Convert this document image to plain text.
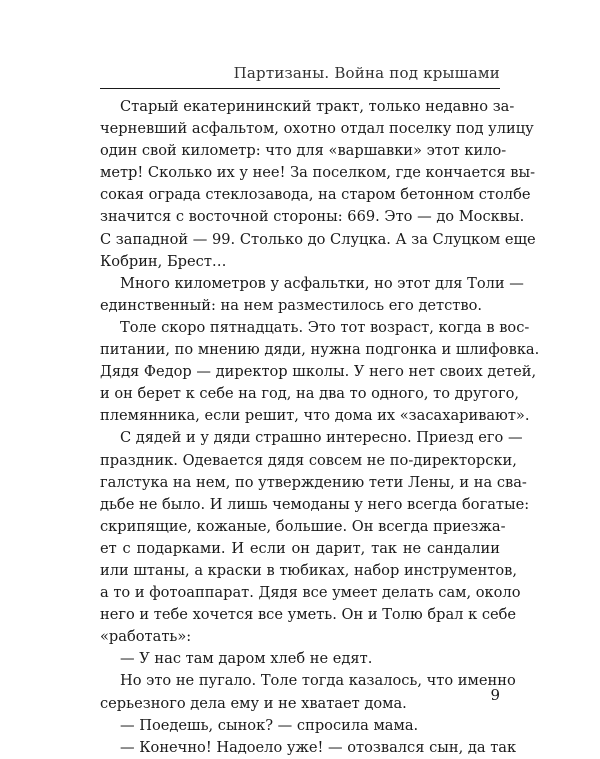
Партизаны. Война под крышами
Старый екатерининский тракт, только недавно за-
черневший асфальтом, охотно отдал поселку под улицу
один свой километр: что для «варшавки» этот кило-
метр! Сколько их у нее! За поселком, где кончается вы-
сокая ограда стеклозавода, на старом бетонном столбе
значится с восточной стороны: 669. Это — до Москвы.
С западной — 99. Столько до Слуцка. А за Слуцком еще
Кобрин, Брест…
Много километров у асфальтки, но этот для Толи —
единственный: на нем разместилось его детство.
Толе скоро пятнадцать. Это тот возраст, когда в вос-
питании, по мнению дяди, нужна подгонка и шлифовка.
Дядя Федор — директор школы. У него нет своих детей,
и он берет к себе на год, на два то одного, то другого,
племянника, если решит, что дома их «засахаривают».
С дядей и у дяди страшно интересно. Приезд его —
праздник. Одевается дядя совсем не по-директорски,
галстука на нем, по утверждению тети Лены, и на сва-
дьбе не было. И лишь чемоданы у него всегда богатые:
скрипящие, кожаные, большие. Он всегда приезжа-
ет с подарками. И если он дарит, так не сандалии
или штаны, а краски в тюбиках, набор инструментов,
а то и фотоаппарат. Дядя все умеет делать сам, около
него и тебе хочется все уметь. Он и Толю брал к себе
«работать»:
— У нас там даром хлеб не едят.
Но это не пугало. Толе тогда казалось, что именно
серьезного дела ему и не хватает дома.
— Поедешь, сынок? — спросила мама.
— Конечно! Надоело уже! — отозвался сын, да так
9
